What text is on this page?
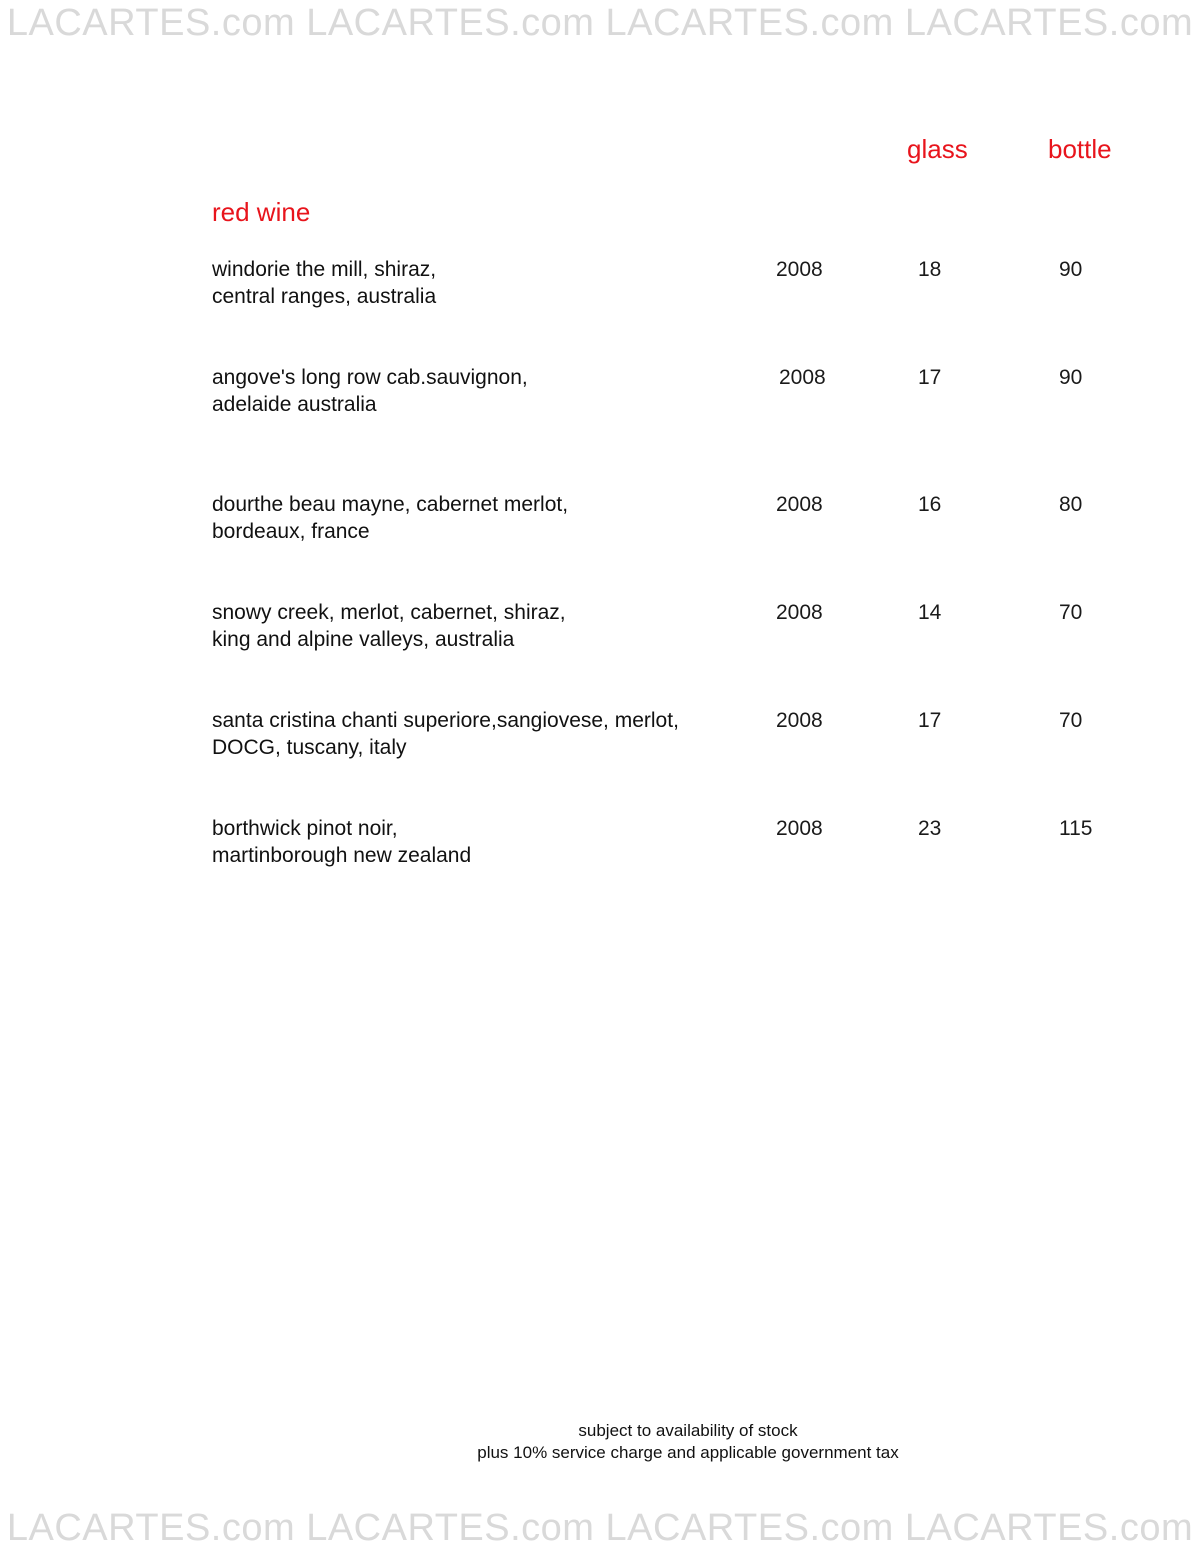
LACARTES.com LACARTES.com LACARTES.com LACARTES.com
glass	bottle
red wine
windorie the mill, shiraz,
central ranges, australia
2008	18	90
angove's long row cab.sauvignon,
adelaide australia
2008	17	90
dourthe beau mayne, cabernet merlot,
bordeaux, france
2008	16	80
snowy creek, merlot, cabernet, shiraz,
king and alpine valleys, australia
2008	14	70
santa cristina chanti superiore,sangiovese, merlot,
DOCG, tuscany, italy
2008	17	70
borthwick pinot noir,
martinborough new zealand
2008	23	115
subject to availability of stock
plus 10% service charge and applicable government tax
LACARTES.com LACARTES.com LACARTES.com LACARTES.com
